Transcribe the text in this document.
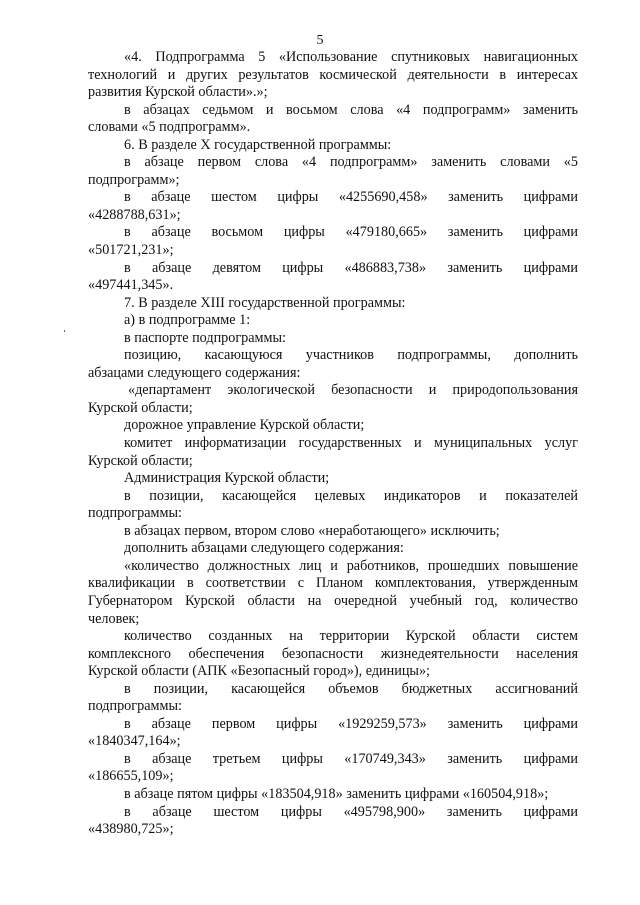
5
«4. Подпрограмма 5 «Использование спутниковых навигационных
технологий и других результатов космической деятельности в интересах
развития Курской области».»;
в абзацах седьмом и восьмом слова «4 подпрограмм» заменить
словами «5 подпрограмм».
6. В разделе Х государственной программы:
в абзаце первом слова «4 подпрограмм» заменить словами «5
подпрограмм»;
в абзаце шестом цифры «4255690,458» заменить цифрами
«4288788,631»;
в абзаце восьмом цифры «479180,665» заменить цифрами
«501721,231»;
в абзаце девятом цифры «486883,738» заменить цифрами
«497441,345».
7. В разделе XIII государственной программы:
а) в подпрограмме 1:
в паспорте подпрограммы:
позицию, касающуюся участников подпрограммы, дополнить
абзацами следующего содержания:
«департамент экологической безопасности и природопользования
Курской области;
дорожное управление Курской области;
комитет информатизации государственных и муниципальных услуг
Курской области;
Администрация Курской области;
в позиции, касающейся целевых индикаторов и показателей
подпрограммы:
в абзацах первом, втором слово «неработающего» исключить;
дополнить абзацами следующего содержания:
«количество должностных лиц и работников, прошедших повышение
квалификации в соответствии с Планом комплектования, утвержденным
Губернатором Курской области на очередной учебный год, количество
человек;
количество созданных на территории Курской области систем
комплексного обеспечения безопасности жизнедеятельности населения
Курской области (АПК «Безопасный город»), единицы»;
в позиции, касающейся объемов бюджетных ассигнований
подпрограммы:
в абзаце первом цифры «1929259,573» заменить цифрами
«1840347,164»;
в абзаце третьем цифры «170749,343» заменить цифрами
«186655,109»;
в абзаце пятом цифры «183504,918» заменить цифрами «160504,918»;
в абзаце шестом цифры «495798,900» заменить цифрами
«438980,725»;
